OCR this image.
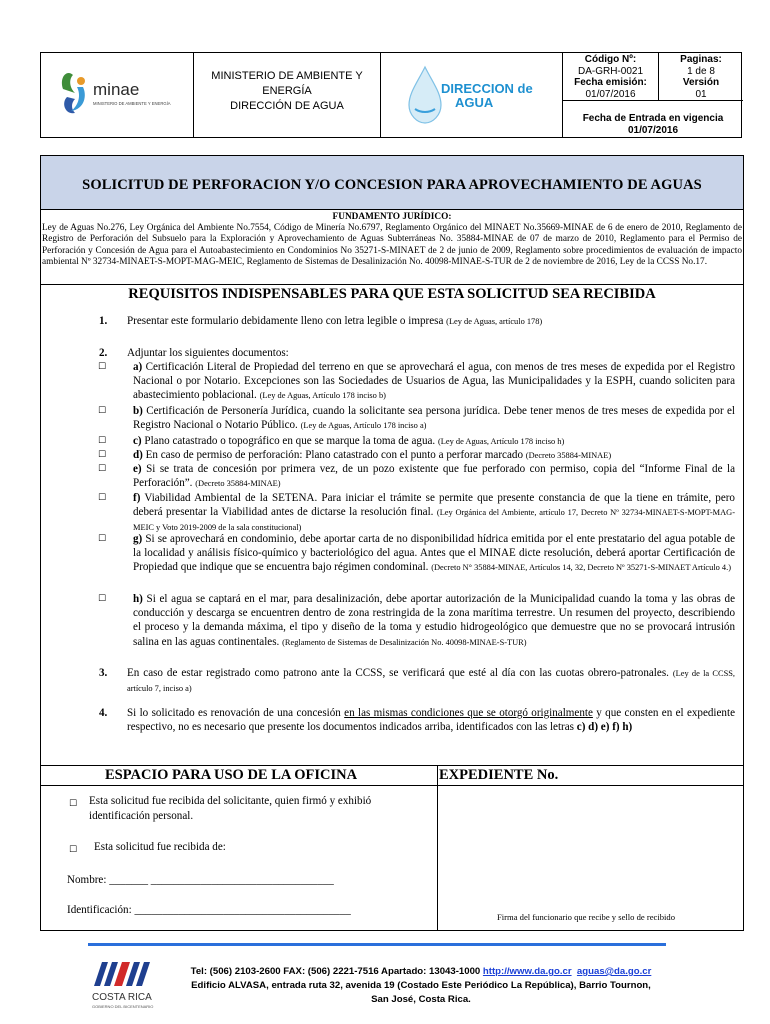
minae
MINISTERIO DE AMBIENTE Y ENERGÍA
MINISTERIO DE AMBIENTE Y
ENERGÍA
DIRECCIÓN DE AGUA
DIRECCION de
AGUA
Código Nº:
DA-GRH-0021
Fecha emisión:
01/07/2016
Paginas:
1 de 8
Versión
01
Fecha de Entrada en vigencia
01/07/2016
SOLICITUD DE PERFORACION Y/O CONCESION PARA APROVECHAMIENTO DE AGUAS
FUNDAMENTO JURÍDICO:
Ley de Aguas No.276, Ley Orgánica del Ambiente No.7554, Código de Minería No.6797, Reglamento Orgánico del MINAET No.35669-MINAE de 6 de enero de 2010, Reglamento de Registro de Perforación del Subsuelo para la Exploración y Aprovechamiento de Aguas Subterráneas No. 35884-MINAE de 07 de marzo de 2010, Reglamento para el Permiso de Perforación y Concesión de Agua para el Autoabastecimiento en Condominios No 35271-S-MINAET de 2 de junio de 2009, Reglamento sobre procedimientos de evaluación de impacto ambiental Nº 32734-MINAET-S-MOPT-MAG-MEIC, Reglamento de Sistemas de Desalinización No. 40098-MINAE-S-TUR de 2 de noviembre de 2016, Ley de la CCSS No.17.
REQUISITOS INDISPENSABLES PARA QUE ESTA SOLICITUD SEA RECIBIDA
1. Presentar este formulario debidamente lleno con letra legible o impresa (Ley de Aguas, artículo 178)
2. Adjuntar los siguientes documentos:
☐ a) Certificación Literal de Propiedad del terreno en que se aprovechará el agua, con menos de tres meses de expedida por el Registro Nacional o por Notario. Excepciones son las Sociedades de Usuarios de Agua, las Municipalidades y la ESPH, cuando soliciten para abastecimiento poblacional. (Ley de Aguas, Artículo 178 inciso b)
☐ b) Certificación de Personería Jurídica, cuando la solicitante sea persona jurídica. Debe tener menos de tres meses de expedida por el Registro Nacional o Notario Público. (Ley de Aguas, Artículo 178 inciso a)
☐ c) Plano catastrado o topográfico en que se marque la toma de agua. (Ley de Aguas, Artículo 178 inciso h)
☐ d) En caso de permiso de perforación: Plano catastrado con el punto a perforar marcado (Decreto 35884-MINAE)
☐ e) Si se trata de concesión por primera vez, de un pozo existente que fue perforado con permiso, copia del “Informe Final de la Perforación”. (Decreto 35884-MINAE)
☐ f) Viabilidad Ambiental de la SETENA. Para iniciar el trámite se permite que presente constancia de que la tiene en trámite, pero deberá presentar la Viabilidad antes de dictarse la resolución final. (Ley Orgánica del Ambiente, artículo 17, Decreto Nº 32734-MINAET-S-MOPT-MAG-MEIC y Voto 2019-2009 de la sala constitucional)
☐ g) Si se aprovechará en condominio, debe aportar carta de no disponibilidad hídrica emitida por el ente prestatario del agua potable de la localidad y análisis físico-químico y bacteriológico del agua. Antes que el MINAE dicte resolución, deberá aportar Certificación de Propiedad que indique que se encuentra bajo régimen condominal. (Decreto N° 35884-MINAE, Artículos 14, 32, Decreto Nº 35271-S-MINAET Artículo 4.)
☐ h) Si el agua se captará en el mar, para desalinización, debe aportar autorización de la Municipalidad cuando la toma y las obras de conducción y descarga se encuentren dentro de zona restringida de la zona marítima terrestre. Un resumen del proyecto, describiendo el proceso y la demanda máxima, el tipo y diseño de la toma y estudio hidrogeológico que demuestre que no se provocará intrusión salina en las aguas continentales. (Reglamento de Sistemas de Desalinización No. 40098-MINAE-S-TUR)
3. En caso de estar registrado como patrono ante la CCSS, se verificará que esté al día con las cuotas obrero-patronales. (Ley de la CCSS, artículo 7, inciso a)
4. Si lo solicitado es renovación de una concesión en las mismas condiciones que se otorgó originalmente y que consten en el expediente respectivo, no es necesario que presente los documentos indicados arriba, identificados con las letras c) d) e) f) h)
ESPACIO PARA USO DE LA OFICINA	EXPEDIENTE No.
☐ Esta solicitud fue recibida del solicitante, quien firmó y exhibió identificación personal.
☐ Esta solicitud fue recibida de:
Nombre: _______ _________________________________
Identificación: _______________________________________
Firma del funcionario que recibe y sello de recibido
COSTA RICA
GOBIERNO DEL BICENTENARIO
Tel: (506) 2103-2600 FAX: (506) 2221-7516 Apartado: 13043-1000 http://www.da.go.cr aguas@da.go.cr
Edificio ALVASA, entrada ruta 32, avenida 19 (Costado Este Periódico La República), Barrio Tournon,
San José, Costa Rica.
